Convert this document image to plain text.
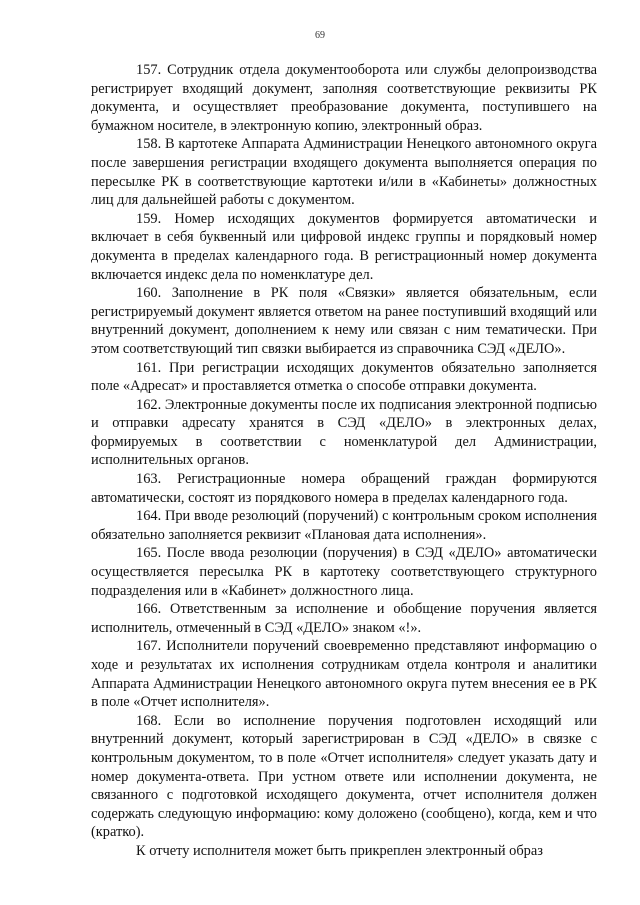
69

157. Сотрудник отдела документооборота или службы делопроизводства регистрирует входящий документ, заполняя соответствующие реквизиты РК документа, и осуществляет преобразование документа, поступившего на бумажном носителе, в электронную копию, электронный образ.

158. В картотеке Аппарата Администрации Ненецкого автономного округа после завершения регистрации входящего документа выполняется операция по пересылке РК в соответствующие картотеки и/или в «Кабинеты» должностных лиц для дальнейшей работы с документом.

159. Номер исходящих документов формируется автоматически и включает в себя буквенный или цифровой индекс группы и порядковый номер документа в пределах календарного года. В регистрационный номер документа включается индекс дела по номенклатуре дел.

160. Заполнение в РК поля «Связки» является обязательным, если регистрируемый документ является ответом на ранее поступивший входящий или внутренний документ, дополнением к нему или связан с ним тематически. При этом соответствующий тип связки выбирается из справочника СЭД «ДЕЛО».

161. При регистрации исходящих документов обязательно заполняется поле «Адресат» и проставляется отметка о способе отправки документа.

162. Электронные документы после их подписания электронной подписью и отправки адресату хранятся в СЭД «ДЕЛО» в электронных делах, формируемых в соответствии с номенклатурой дел Администрации, исполнительных органов.

163. Регистрационные номера обращений граждан формируются автоматически, состоят из порядкового номера в пределах календарного года.

164. При вводе резолюций (поручений) с контрольным сроком исполнения обязательно заполняется реквизит «Плановая дата исполнения».

165. После ввода резолюции (поручения) в СЭД «ДЕЛО» автоматически осуществляется пересылка РК в картотеку соответствующего структурного подразделения или в «Кабинет» должностного лица.

166. Ответственным за исполнение и обобщение поручения является исполнитель, отмеченный в СЭД «ДЕЛО» знаком «!».

167. Исполнители поручений своевременно представляют информацию о ходе и результатах их исполнения сотрудникам отдела контроля и аналитики Аппарата Администрации Ненецкого автономного округа путем внесения ее в РК в поле «Отчет исполнителя».

168. Если во исполнение поручения подготовлен исходящий или внутренний документ, который зарегистрирован в СЭД «ДЕЛО» в связке с контрольным документом, то в поле «Отчет исполнителя» следует указать дату и номер документа-ответа. При устном ответе или исполнении документа, не связанного с подготовкой исходящего документа, отчет исполнителя должен содержать следующую информацию: кому доложено (сообщено), когда, кем и что (кратко).

К отчету исполнителя может быть прикреплен электронный образ
